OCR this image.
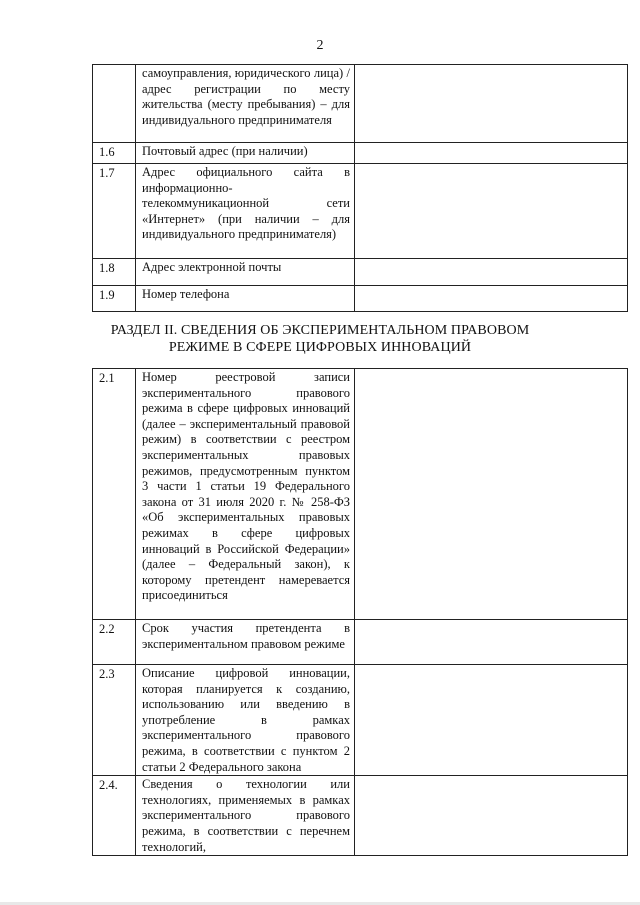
2

	самоуправления, юридического лица) / адрес регистрации по месту жительства (месту пребывания) – для индивидуального предпринимателя	

1.6	Почтовый адрес (при наличии)	

1.7	Адрес официального сайта в информационно-телекоммуникационной сети «Интернет» (при наличии – для индивидуального предпринимателя)	

1.8	Адрес электронной почты	

1.9	Номер телефона	

РАЗДЕЛ II. СВЕДЕНИЯ ОБ ЭКСПЕРИМЕНТАЛЬНОМ ПРАВОВОМ РЕЖИМЕ В СФЕРЕ ЦИФРОВЫХ ИННОВАЦИЙ
2.1	Номер реестровой записи экспериментального правового режима в сфере цифровых инноваций (далее – экспериментальный правовой режим) в соответствии с реестром экспериментальных правовых режимов, предусмотренным пунктом 3 части 1 статьи 19 Федерального закона от 31 июля 2020 г. № 258-ФЗ «Об экспериментальных правовых режимах в сфере цифровых инноваций в Российской Федерации» (далее – Федеральный закон), к которому претендент намеревается присоединиться	

2.2	Срок участия претендента в экспериментальном правовом режиме	

2.3	Описание цифровой инновации, которая планируется к созданию, использованию или введению в употребление в рамках экспериментального правового режима, в соответствии с пунктом 2 статьи 2 Федерального закона	

2.4.	Сведения о технологии или технологиях, применяемых в рамках экспериментального правового режима, в соответствии с перечнем технологий,	
